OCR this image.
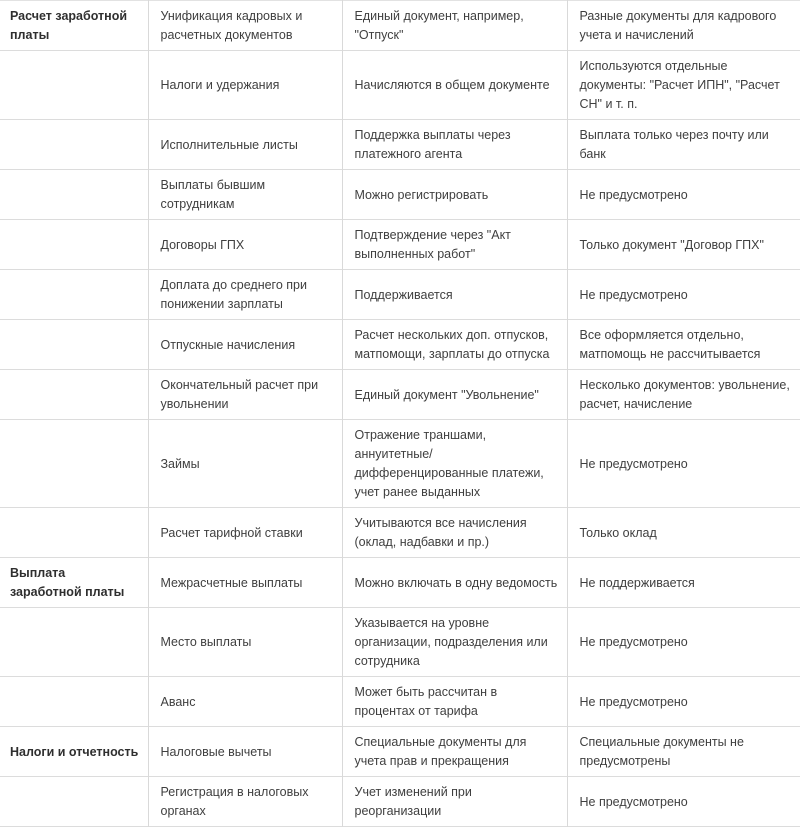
Расчет заработной платы	Унификация кадровых и расчетных документов	Единый документ, например, "Отпуск"	Разные документы для кадрового учета и начислений
	Налоги и удержания	Начисляются в общем документе	Используются отдельные документы: "Расчет ИПН", "Расчет СН" и т. п.
	Исполнительные листы	Поддержка выплаты через платежного агента	Выплата только через почту или банк
	Выплаты бывшим сотрудникам	Можно регистрировать	Не предусмотрено
	Договоры ГПХ	Подтверждение через "Акт выполненных работ"	Только документ "Договор ГПХ"
	Доплата до среднего при понижении зарплаты	Поддерживается	Не предусмотрено
	Отпускные начисления	Расчет нескольких доп. отпусков, матпомощи, зарплаты до отпуска	Все оформляется отдельно, матпомощь не рассчитывается
	Окончательный расчет при увольнении	Единый документ "Увольнение"	Несколько документов: увольнение, расчет, начисление
	Займы	Отражение траншами, аннуитетные/ дифференцированные платежи, учет ранее выданных	Не предусмотрено
	Расчет тарифной ставки	Учитываются все начисления (оклад, надбавки и пр.)	Только оклад
Выплата заработной платы	Межрасчетные выплаты	Можно включать в одну ведомость	Не поддерживается
	Место выплаты	Указывается на уровне организации, подразделения или сотрудника	Не предусмотрено
	Аванс	Может быть рассчитан в процентах от тарифа	Не предусмотрено
Налоги и отчетность	Налоговые вычеты	Специальные документы для учета прав и прекращения	Специальные документы не предусмотрены
	Регистрация в налоговых органах	Учет изменений при реорганизации	Не предусмотрено
